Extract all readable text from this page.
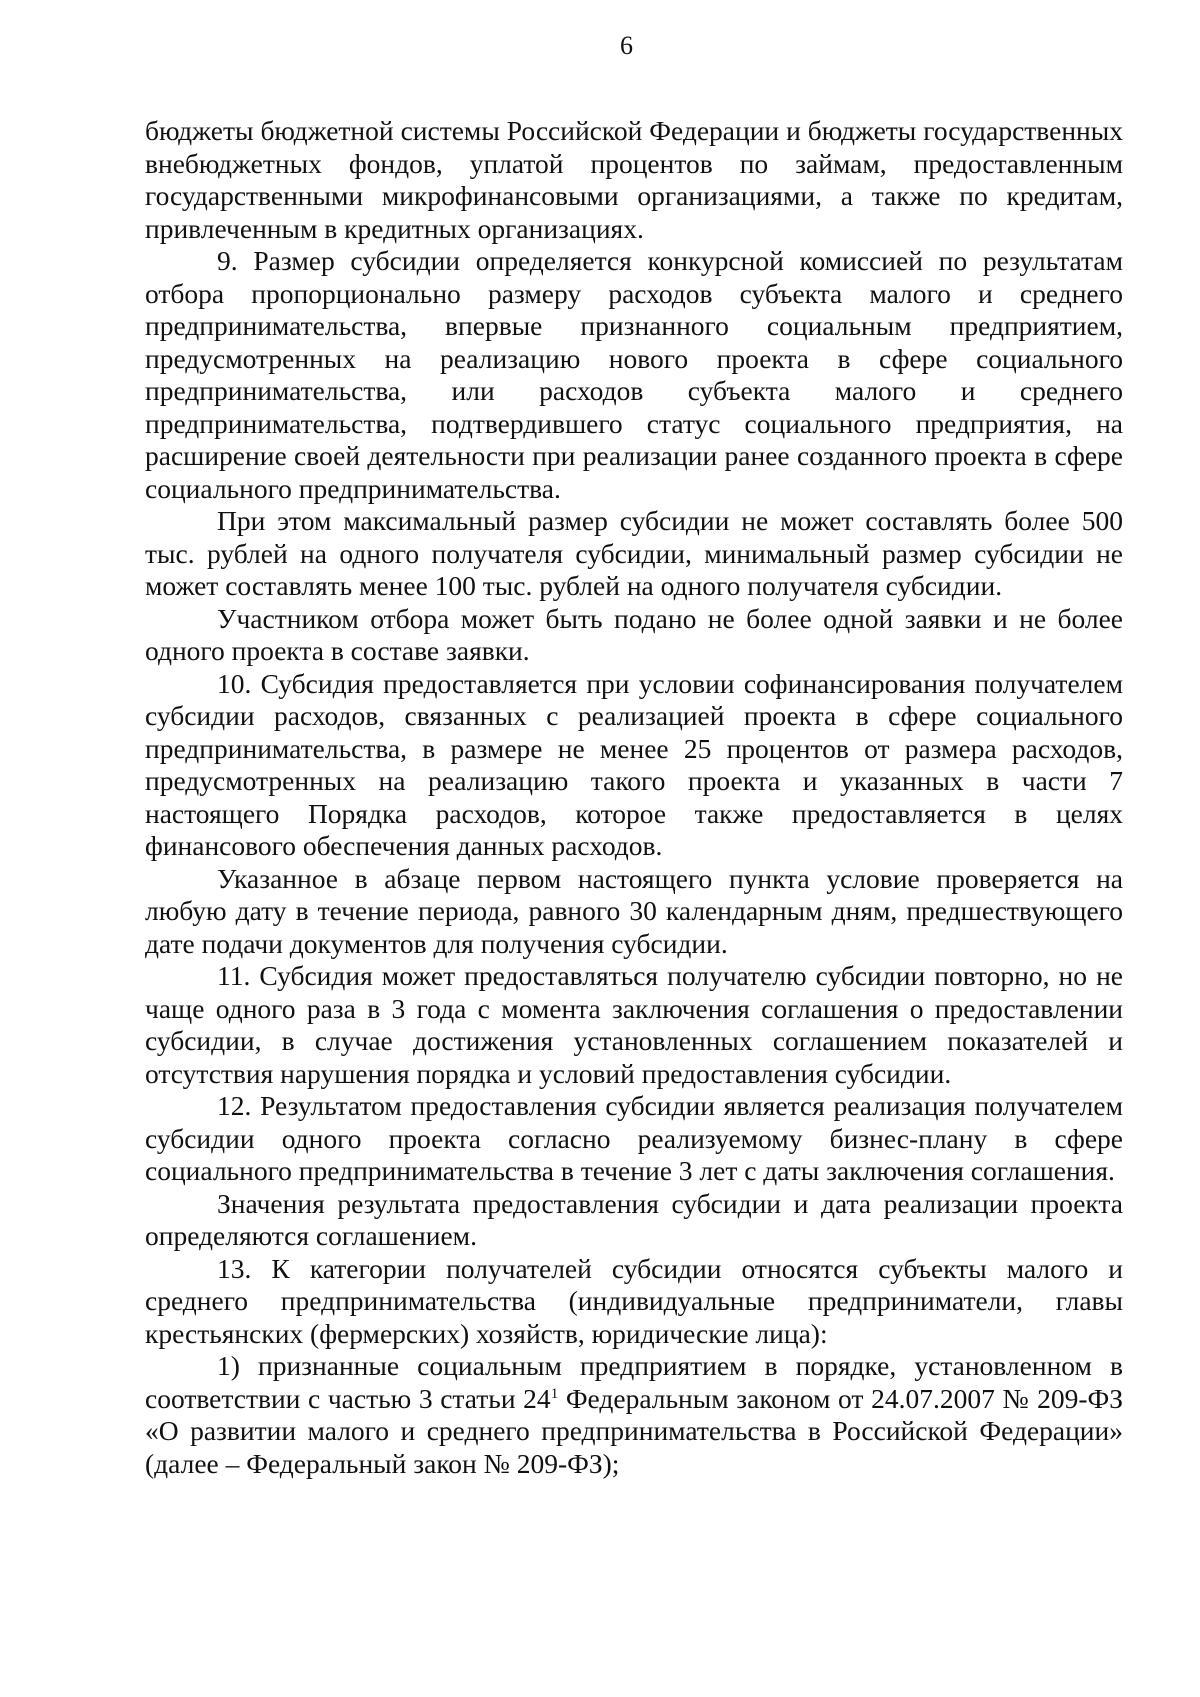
6

бюджеты бюджетной системы Российской Федерации и бюджеты государственных внебюджетных фондов, уплатой процентов по займам, предоставленным государственными микрофинансовыми организациями, а также по кредитам, привлеченным в кредитных организациях.

9. Размер субсидии определяется конкурсной комиссией по результатам отбора пропорционально размеру расходов субъекта малого и среднего предпринимательства, впервые признанного социальным предприятием, предусмотренных на реализацию нового проекта в сфере социального предпринимательства, или расходов субъекта малого и среднего предпринимательства, подтвердившего статус социального предприятия, на расширение своей деятельности при реализации ранее созданного проекта в сфере социального предпринимательства.

При этом максимальный размер субсидии не может составлять более 500 тыс. рублей на одного получателя субсидии, минимальный размер субсидии не может составлять менее 100 тыс. рублей на одного получателя субсидии.

Участником отбора может быть подано не более одной заявки и не более одного проекта в составе заявки.

10. Субсидия предоставляется при условии софинансирования получателем субсидии расходов, связанных с реализацией проекта в сфере социального предпринимательства, в размере не менее 25 процентов от размера расходов, предусмотренных на реализацию такого проекта и указанных в части 7 настоящего Порядка расходов, которое также предоставляется в целях финансового обеспечения данных расходов.

Указанное в абзаце первом настоящего пункта условие проверяется на любую дату в течение периода, равного 30 календарным дням, предшествующего дате подачи документов для получения субсидии.

11. Субсидия может предоставляться получателю субсидии повторно, но не чаще одного раза в 3 года с момента заключения соглашения о предоставлении субсидии, в случае достижения установленных соглашением показателей и отсутствия нарушения порядка и условий предоставления субсидии.

12. Результатом предоставления субсидии является реализация получателем субсидии одного проекта согласно реализуемому бизнес-плану в сфере социального предпринимательства в течение 3 лет с даты заключения соглашения.

Значения результата предоставления субсидии и дата реализации проекта определяются соглашением.

13. К категории получателей субсидии относятся субъекты малого и среднего предпринимательства (индивидуальные предприниматели, главы крестьянских (фермерских) хозяйств, юридические лица):

1) признанные социальным предприятием в порядке, установленном в соответствии с частью 3 статьи $24^1$ Федеральным законом от 24.07.2007 № 209-ФЗ «О развитии малого и среднего предпринимательства в Российской Федерации» (далее – Федеральный закон № 209-ФЗ);
